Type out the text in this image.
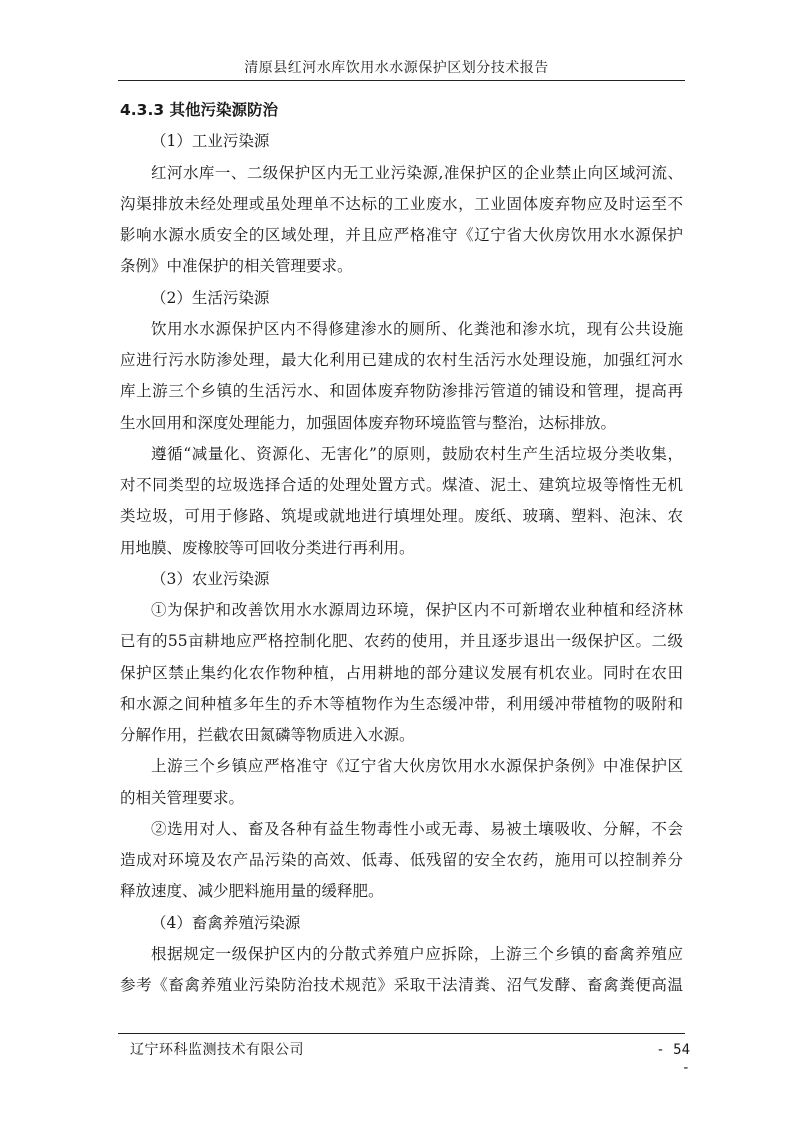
清原县红河水库饮用水水源保护区划分技术报告
4.3.3 其他污染源防治
（1）工业污染源
红河水库一、二级保护区内无工业污染源,准保护区的企业禁止向区域河流、
沟渠排放未经处理或虽处理单不达标的工业废水，工业固体废弃物应及时运至不
影响水源水质安全的区域处理，并且应严格准守《辽宁省大伙房饮用水水源保护
条例》中准保护的相关管理要求。
（2）生活污染源
饮用水水源保护区内不得修建渗水的厕所、化粪池和渗水坑，现有公共设施
应进行污水防渗处理，最大化利用已建成的农村生活污水处理设施，加强红河水
库上游三个乡镇的生活污水、和固体废弃物防渗排污管道的铺设和管理，提高再
生水回用和深度处理能力，加强固体废弃物环境监管与整治，达标排放。
遵循“减量化、资源化、无害化”的原则，鼓励农村生产生活垃圾分类收集，
对不同类型的垃圾选择合适的处理处置方式。煤渣、泥土、建筑垃圾等惰性无机
类垃圾，可用于修路、筑堤或就地进行填埋处理。废纸、玻璃、塑料、泡沫、农
用地膜、废橡胶等可回收分类进行再利用。
（3）农业污染源
①为保护和改善饮用水水源周边环境，保护区内不可新增农业种植和经济林
已有的55亩耕地应严格控制化肥、农药的使用，并且逐步退出一级保护区。二级
保护区禁止集约化农作物种植，占用耕地的部分建议发展有机农业。同时在农田
和水源之间种植多年生的乔木等植物作为生态缓冲带，利用缓冲带植物的吸附和
分解作用，拦截农田氮磷等物质进入水源。
上游三个乡镇应严格准守《辽宁省大伙房饮用水水源保护条例》中准保护区
的相关管理要求。
②选用对人、畜及各种有益生物毒性小或无毒、易被土壤吸收、分解，不会
造成对环境及农产品污染的高效、低毒、低残留的安全农药，施用可以控制养分
释放速度、减少肥料施用量的缓释肥。
（4）畜禽养殖污染源
根据规定一级保护区内的分散式养殖户应拆除，上游三个乡镇的畜禽养殖应
参考《畜禽养殖业污染防治技术规范》采取干法清粪、沼气发酵、畜禽粪便高温
辽宁环科监测技术有限公司	- 54 -
